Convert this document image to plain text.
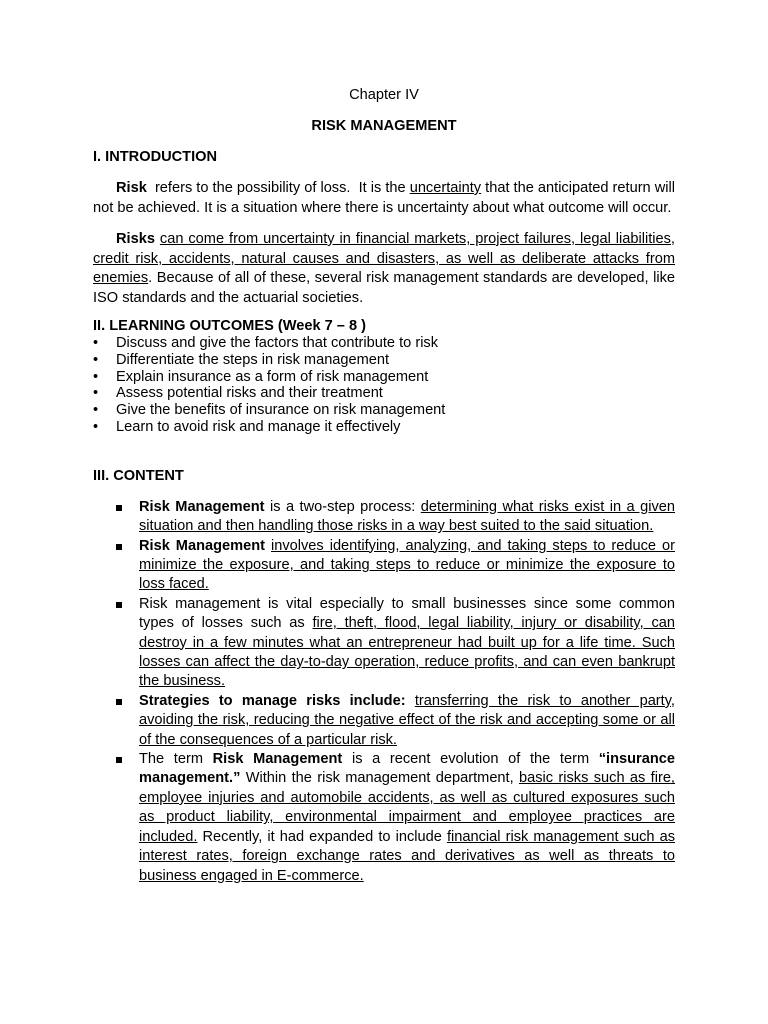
Chapter IV

RISK MANAGEMENT

I. INTRODUCTION

Risk  refers to the possibility of loss.  It is the uncertainty that the anticipated return will not be achieved. It is a situation where there is uncertainty about what outcome will occur.

Risks can come from uncertainty in financial markets, project failures, legal liabilities, credit risk, accidents, natural causes and disasters, as well as deliberate attacks from enemies. Because of all of these, several risk management standards are developed, like ISO standards and the actuarial societies.

II. LEARNING OUTCOMES (Week 7 – 8 )

• Discuss and give the factors that contribute to risk
• Differentiate the steps in risk management
• Explain insurance as a form of risk management
• Assess potential risks and their treatment
• Give the benefits of insurance on risk management
• Learn to avoid risk and manage it effectively

III. CONTENT

Risk Management is a two-step process: determining what risks exist in a given situation and then handling those risks in a way best suited to the said situation.
Risk Management involves identifying, analyzing, and taking steps to reduce or minimize the exposure, and taking steps to reduce or minimize the exposure to loss faced.
Risk management is vital especially to small businesses since some common types of losses such as fire, theft, flood, legal liability, injury or disability, can destroy in a few minutes what an entrepreneur had built up for a life time. Such losses can affect the day-to-day operation, reduce profits, and can even bankrupt the business.
Strategies to manage risks include: transferring the risk to another party, avoiding the risk, reducing the negative effect of the risk and accepting some or all of the consequences of a particular risk.
The term Risk Management is a recent evolution of the term “insurance management.” Within the risk management department, basic risks such as fire, employee injuries and automobile accidents, as well as cultured exposures such as product liability, environmental impairment and employee practices are included. Recently, it had expanded to include financial risk management such as interest rates, foreign exchange rates and derivatives as well as threats to business engaged in E-commerce.
